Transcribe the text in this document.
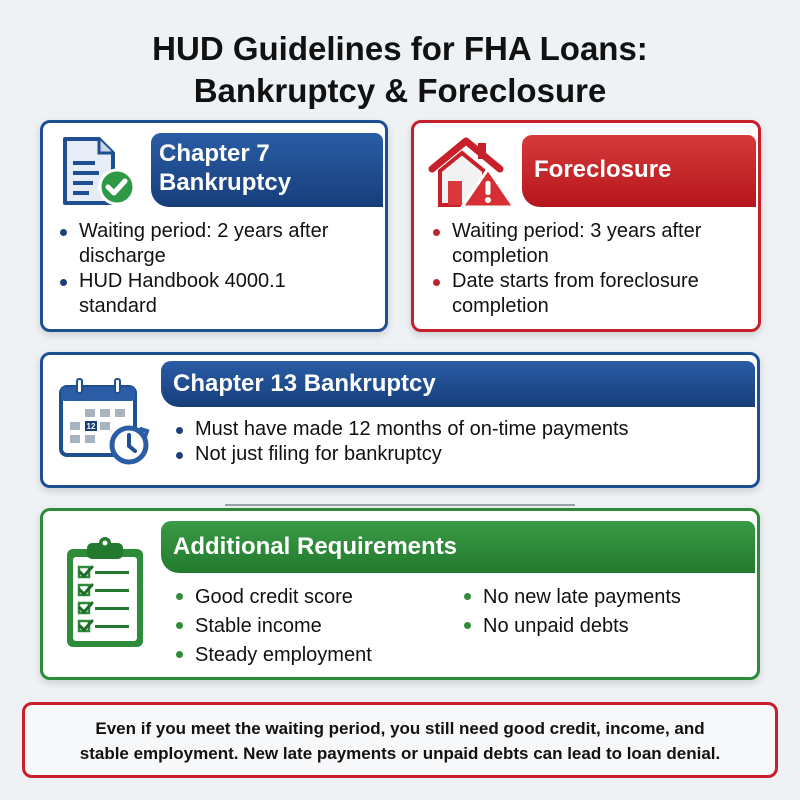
HUD Guidelines for FHA Loans:
Bankruptcy & Foreclosure
Chapter 7
Bankruptcy
Waiting period: 2 years after discharge
HUD Handbook 4000.1 standard
Foreclosure
Waiting period: 3 years after completion
Date starts from foreclosure completion
Chapter 13 Bankruptcy
12	Must have made 12 months of on-time payments
Not just filing for bankruptcy
Additional Requirements
Good credit score
Stable income
Steady employment
No new late payments
No unpaid debts
Even if you meet the waiting period, you still need good credit, income, and
stable employment. New late payments or unpaid debts can lead to loan denial.
